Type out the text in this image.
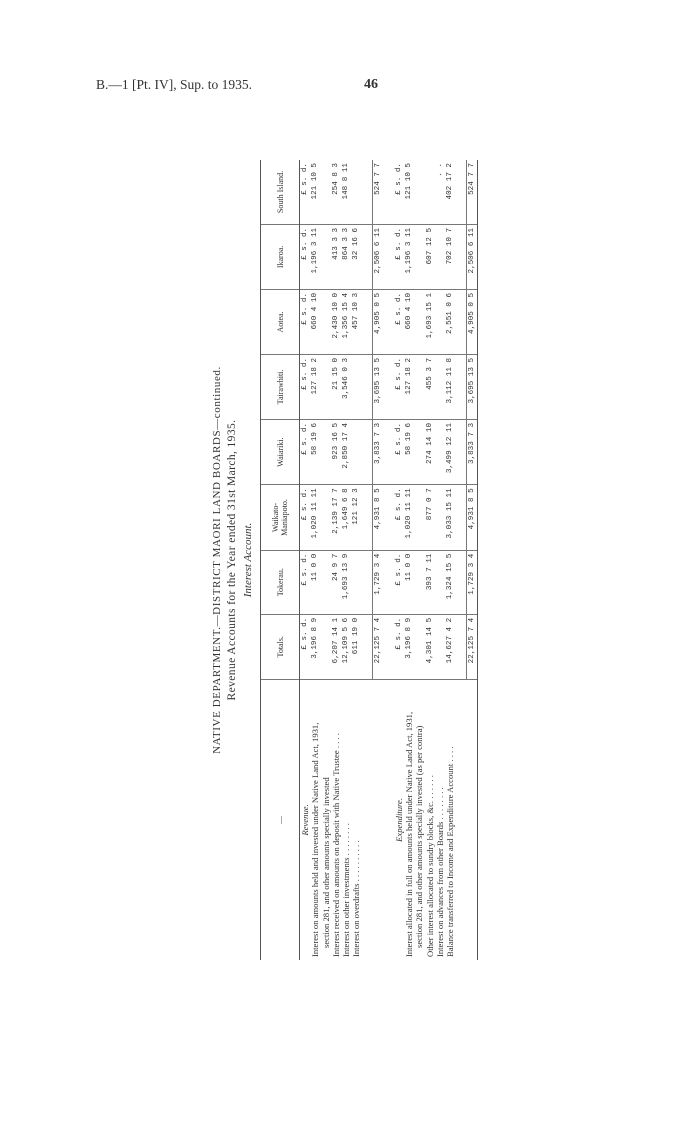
B.—1 [Pt. IV], Sup. to 1935.	46
NATIVE DEPARTMENT.—DISTRICT MAORI LAND BOARDS—continued. Revenue Accounts for the Year ended 31st March, 1935. Interest Account.
—	Totals.	Tokerau.	Waikato-Maniapoto.	Waiariki.	Tairawhiti.	Aotea.	Ikaroa.	South Island.
Revenue.	£ s. d.	£ s. d.	£ s. d.	£ s. d.	£ s. d.	£ s. d.	£ s. d.	£ s. d.
Interest on amounts held and invested under Native Land Act, 1931,	3,196 8 9	11 0 0	1,020 11 11	58 19 6	127 18 2	660 4 10	1,196 3 11	121 10 5
section 281, and other amounts specially invested								
Interest received on amounts on deposit with Native Trustee . . . .	6,207 14 1	24 9 7	2,139 17 7	923 16 5	21 15 0	2,430 10 0	413 3 3	254 8 3
Interest on other investments . . . . . . . .	12,109 5 6	1,693 13 9	1,649 6 8	2,850 17 4	3,546 0 3	1,356 15 4	864 3 3	148 8 11
Interest on overdrafts . . . . . . . . . .	611 19 0		121 12 3			457 10 3	32 16 6	

	22,125 7 4	1,729 3 4	4,931 8 5	3,833 7 3	3,695 13 5	4,905 0 5	2,506 6 11	524 7 7

Expenditure.	£ s. d.	£ s. d.	£ s. d.	£ s. d.	£ s. d.	£ s. d.	£ s. d.	£ s. d.
Interest allocated in full on amounts held under Native Land Act, 1931,	3,196 8 9	11 0 0	1,020 11 11	58 19 6	127 18 2	660 4 10	1,196 3 11	121 10 5
section 281, and other amounts specially invested (as per contra)								
Other interest allocated to sundry blocks, &c. . . . . . .	4,301 14 5	393 7 11	877 0 7	274 14 10	455 3 7	1,693 15 1	607 12 5	
Interest on advances from other Boards . . . . . . . .								. .
Balance transferred to Income and Expenditure Account . . . .	14,627 4 2	1,324 15 5	3,033 15 11	3,499 12 11	3,112 11 8	2,551 0 6	702 10 7	402 17 2

	22,125 7 4	1,729 3 4	4,931 8 5	3,833 7 3	3,695 13 5	4,905 0 5	2,506 6 11	524 7 7
